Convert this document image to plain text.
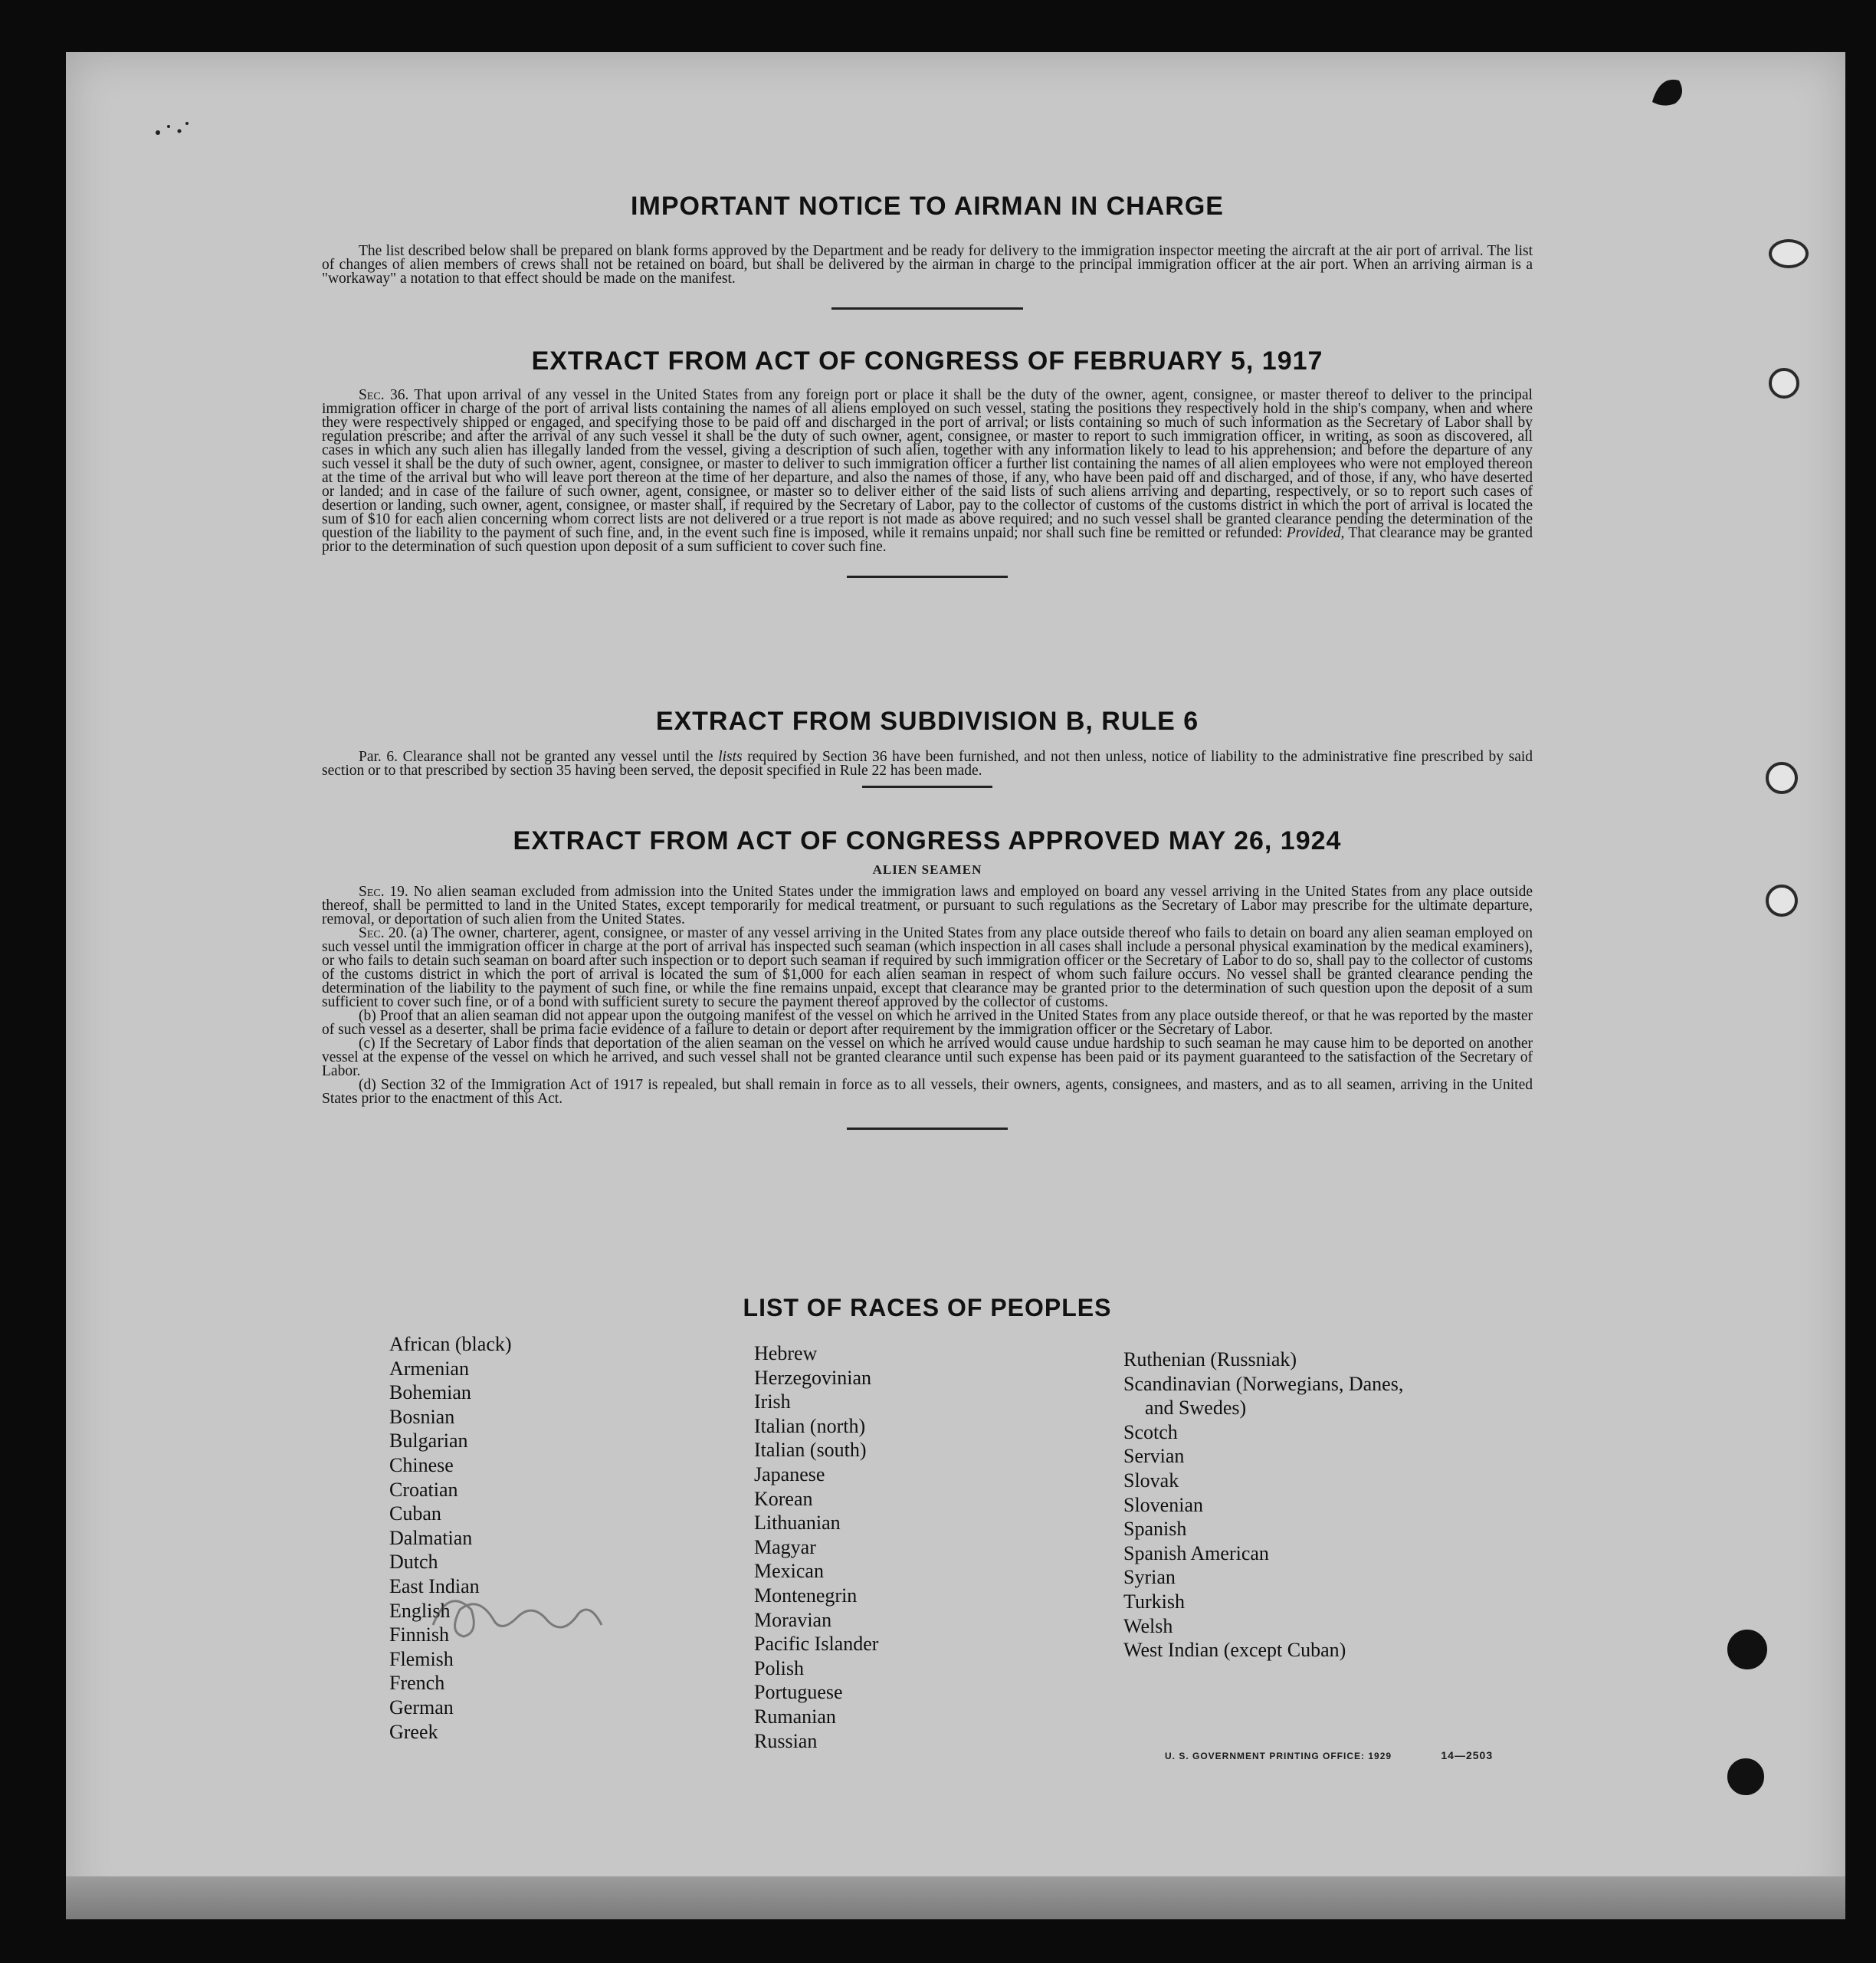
IMPORTANT NOTICE TO AIRMAN IN CHARGE

The list described below shall be prepared on blank forms approved by the Department and be ready for delivery to the immigration inspector meeting the aircraft at the air port of arrival. The list of changes of alien members of crews shall not be retained on board, but shall be delivered by the airman in charge to the principal immigration officer at the air port. When an arriving airman is a "workaway" a notation to that effect should be made on the manifest.

EXTRACT FROM ACT OF CONGRESS OF FEBRUARY 5, 1917

Sec. 36. That upon arrival of any vessel in the United States from any foreign port or place it shall be the duty of the owner, agent, consignee, or master thereof to deliver to the principal immigration officer in charge of the port of arrival lists containing the names of all aliens employed on such vessel, stating the positions they respectively hold in the ship's company, when and where they were respectively shipped or engaged, and specifying those to be paid off and discharged in the port of arrival; or lists containing so much of such information as the Secretary of Labor shall by regulation prescribe; and after the arrival of any such vessel it shall be the duty of such owner, agent, consignee, or master to report to such immigration officer, in writing, as soon as discovered, all cases in which any such alien has illegally landed from the vessel, giving a description of such alien, together with any information likely to lead to his apprehension; and before the departure of any such vessel it shall be the duty of such owner, agent, consignee, or master to deliver to such immigration officer a further list containing the names of all alien employees who were not employed thereon at the time of the arrival but who will leave port thereon at the time of her departure, and also the names of those, if any, who have been paid off and discharged, and of those, if any, who have deserted or landed; and in case of the failure of such owner, agent, consignee, or master so to deliver either of the said lists of such aliens arriving and departing, respectively, or so to report such cases of desertion or landing, such owner, agent, consignee, or master shall, if required by the Secretary of Labor, pay to the collector of customs of the customs district in which the port of arrival is located the sum of $10 for each alien concerning whom correct lists are not delivered or a true report is not made as above required; and no such vessel shall be granted clearance pending the determination of the question of the liability to the payment of such fine, and, in the event such fine is imposed, while it remains unpaid; nor shall such fine be remitted or refunded: Provided, That clearance may be granted prior to the determination of such question upon deposit of a sum sufficient to cover such fine.

EXTRACT FROM SUBDIVISION B, RULE 6

Par. 6. Clearance shall not be granted any vessel until the lists required by Section 36 have been furnished, and not then unless, notice of liability to the administrative fine prescribed by said section or to that prescribed by section 35 having been served, the deposit specified in Rule 22 has been made.

EXTRACT FROM ACT OF CONGRESS APPROVED MAY 26, 1924
ALIEN SEAMEN

Sec. 19. No alien seaman excluded from admission into the United States under the immigration laws and employed on board any vessel arriving in the United States from any place outside thereof, shall be permitted to land in the United States, except temporarily for medical treatment, or pursuant to such regulations as the Secretary of Labor may prescribe for the ultimate departure, removal, or deportation of such alien from the United States.

Sec. 20. (a) The owner, charterer, agent, consignee, or master of any vessel arriving in the United States from any place outside thereof who fails to detain on board any alien seaman employed on such vessel until the immigration officer in charge at the port of arrival has inspected such seaman (which inspection in all cases shall include a personal physical examination by the medical examiners), or who fails to detain such seaman on board after such inspection or to deport such seaman if required by such immigration officer or the Secretary of Labor to do so, shall pay to the collector of customs of the customs district in which the port of arrival is located the sum of $1,000 for each alien seaman in respect of whom such failure occurs. No vessel shall be granted clearance pending the determination of the liability to the payment of such fine, or while the fine remains unpaid, except that clearance may be granted prior to the determination of such question upon the deposit of a sum sufficient to cover such fine, or of a bond with sufficient surety to secure the payment thereof approved by the collector of customs.

(b) Proof that an alien seaman did not appear upon the outgoing manifest of the vessel on which he arrived in the United States from any place outside thereof, or that he was reported by the master of such vessel as a deserter, shall be prima facie evidence of a failure to detain or deport after requirement by the immigration officer or the Secretary of Labor.

(c) If the Secretary of Labor finds that deportation of the alien seaman on the vessel on which he arrived would cause undue hardship to such seaman he may cause him to be deported on another vessel at the expense of the vessel on which he arrived, and such vessel shall not be granted clearance until such expense has been paid or its payment guaranteed to the satisfaction of the Secretary of Labor.

(d) Section 32 of the Immigration Act of 1917 is repealed, but shall remain in force as to all vessels, their owners, agents, consignees, and masters, and as to all seamen, arriving in the United States prior to the enactment of this Act.

LIST OF RACES OF PEOPLES
African (black)
Armenian
Bohemian
Bosnian
Bulgarian
Chinese
Croatian
Cuban
Dalmatian
Dutch
East Indian
English
Finnish
Flemish
French
German
Greek
Hebrew
Herzegovinian
Irish
Italian (north)
Italian (south)
Japanese
Korean
Lithuanian
Magyar
Mexican
Montenegrin
Moravian
Pacific Islander
Polish
Portuguese
Rumanian
Russian
Ruthenian (Russniak)
Scandinavian (Norwegians, Danes,
and Swedes)
Scotch
Servian
Slovak
Slovenian
Spanish
Spanish American
Syrian
Turkish
Welsh
West Indian (except Cuban)
U. S. GOVERNMENT PRINTING OFFICE: 1929	14—2503
